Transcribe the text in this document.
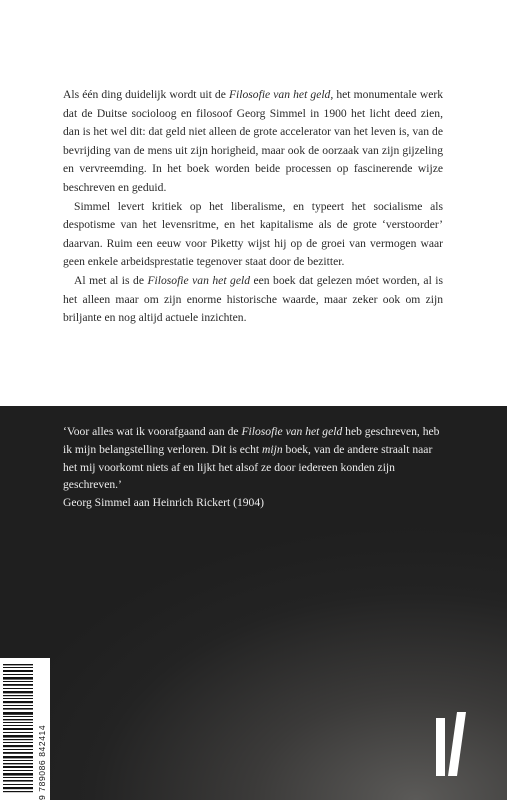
Als één ding duidelijk wordt uit de Filosofie van het geld, het monumentale werk dat de Duitse socioloog en filosoof Georg Simmel in 1900 het licht deed zien, dan is het wel dit: dat geld niet alleen de grote accelerator van het leven is, van de bevrijding van de mens uit zijn horigheid, maar ook de oorzaak van zijn gijzeling en vervreemding. In het boek worden beide processen op fascinerende wijze beschreven en geduid.

Simmel levert kritiek op het liberalisme, en typeert het socialisme als despotisme van het levensritme, en het kapitalisme als de grote ‘verstoorder’ daarvan. Ruim een eeuw voor Piketty wijst hij op de groei van vermogen waar geen enkele arbeidsprestatie tegenover staat door de bezitter.

Al met al is de Filosofie van het geld een boek dat gelezen móet worden, al is het alleen maar om zijn enorme historische waarde, maar zeker ook om zijn briljante en nog altijd actuele inzichten.

‘Voor alles wat ik voorafgaand aan de Filosofie van het geld heb geschreven, heb ik mijn belangstelling verloren. Dit is echt mijn boek, van de andere straalt naar het mij voorkomt niets af en lijkt het alsof ze door iedereen konden zijn geschreven.’

Georg Simmel aan Heinrich Rickert (1904)

9 789086 842414
